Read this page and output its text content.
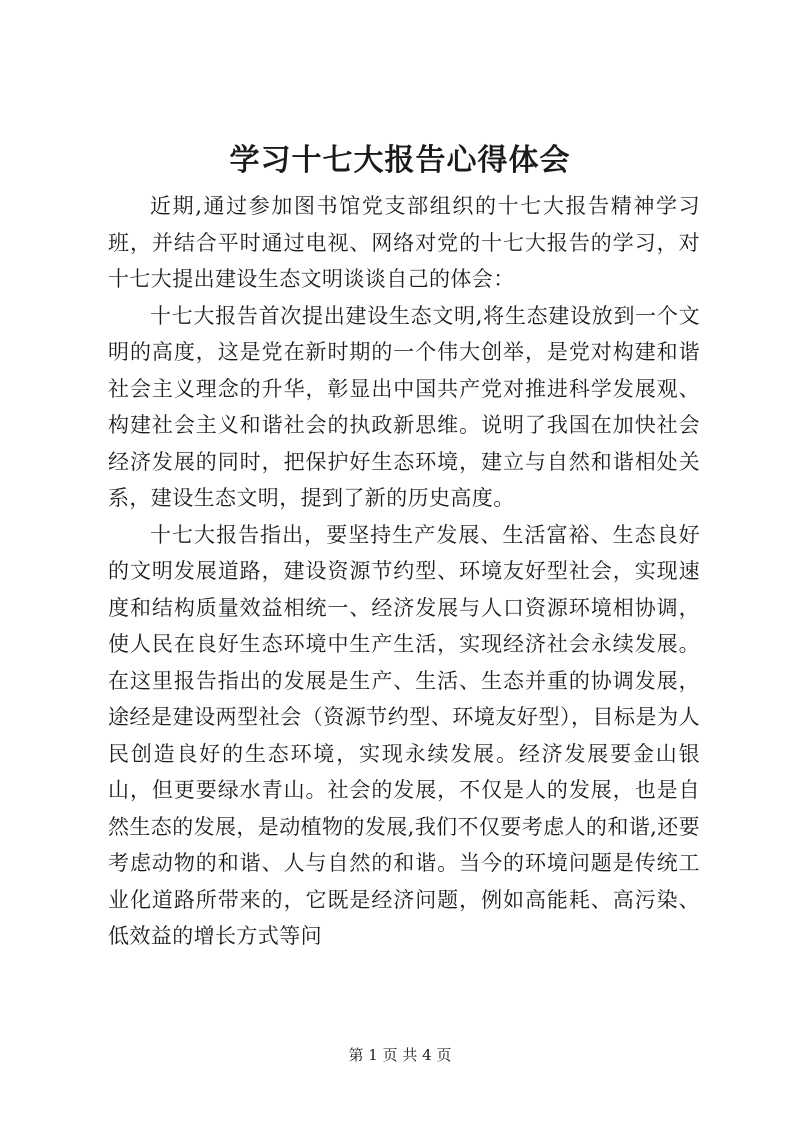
学习十七大报告心得体会

近期,通过参加图书馆党支部组织的十七大报告精神学习班，并结合平时通过电视、网络对党的十七大报告的学习，对十七大提出建设生态文明谈谈自己的体会：

十七大报告首次提出建设生态文明,将生态建设放到一个文明的高度，这是党在新时期的一个伟大创举，是党对构建和谐社会主义理念的升华，彰显出中国共产党对推进科学发展观、构建社会主义和谐社会的执政新思维。说明了我国在加快社会经济发展的同时，把保护好生态环境，建立与自然和谐相处关系，建设生态文明，提到了新的历史高度。

十七大报告指出，要坚持生产发展、生活富裕、生态良好的文明发展道路，建设资源节约型、环境友好型社会，实现速度和结构质量效益相统一、经济发展与人口资源环境相协调，使人民在良好生态环境中生产生活，实现经济社会永续发展。在这里报告指出的发展是生产、生活、生态并重的协调发展，途经是建设两型社会（资源节约型、环境友好型），目标是为人民创造良好的生态环境，实现永续发展。经济发展要金山银山，但更要绿水青山。社会的发展，不仅是人的发展，也是自然生态的发展，是动植物的发展,我们不仅要考虑人的和谐,还要考虑动物的和谐、人与自然的和谐。当今的环境问题是传统工业化道路所带来的，它既是经济问题，例如高能耗、高污染、低效益的增长方式等问

第 1 页 共 4 页
